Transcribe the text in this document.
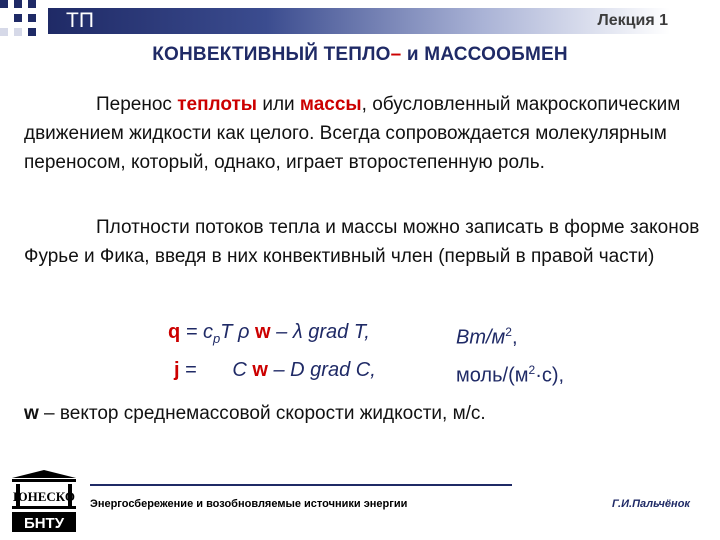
ТП	Лекция 1
КОНВЕКТИВНЫЙ ТЕПЛО– и МАССООБМЕН
Перенос теплоты или массы, обусловленный макроскопическим движением жидкости как целого. Всегда сопровождается молекулярным переносом, который, однако, играет второстепенную роль.
Плотности потоков тепла и массы можно записать в форме законов Фурье и Фика, введя в них конвективный член (первый в правой части)
$q = c_pT$ ρ w – λ grad T,	$Вт/м^2$,
j = C w – D grad C,	моль/$(м^2\cdot с)$,
w – вектор среднемассовой скорости жидкости, м/с.
ЮНЕСКО
БНТУ
Энергосбережение и возобновляемые источники энергии	Г.И.Пальчёнок
